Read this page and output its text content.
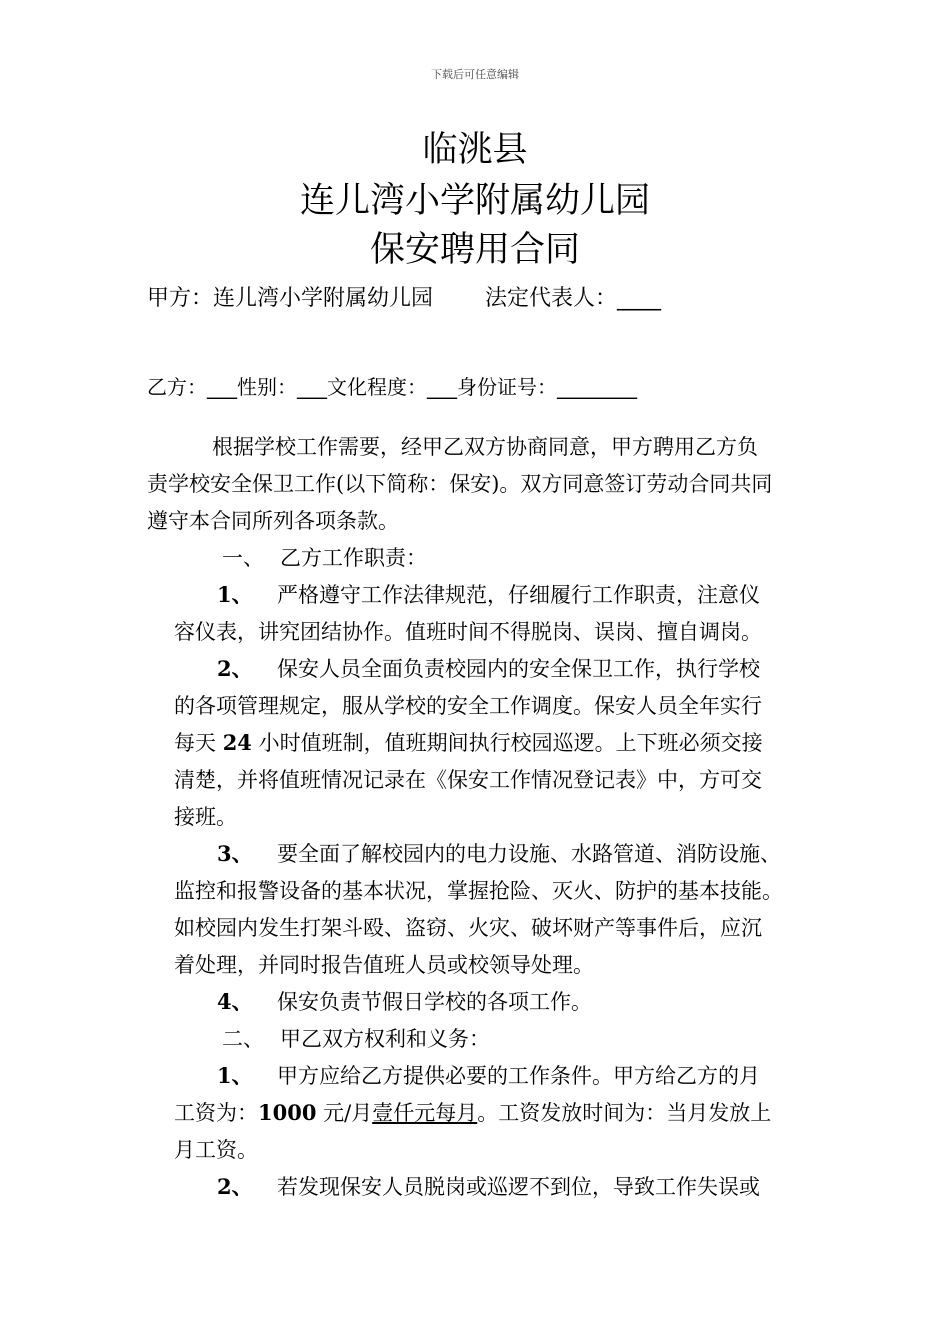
下载后可任意编辑
临洮县
连儿湾小学附属幼儿园
保安聘用合同
甲方：连儿湾小学附属幼儿园 法定代表人：____
乙方：___性别：___文化程度：___身份证号：________
根据学校工作需要，经甲乙双方协商同意，甲方聘用乙方负
责学校安全保卫工作(以下简称：保安)。双方同意签订劳动合同共同
遵守本合同所列各项条款。
一、 乙方工作职责：
1、 严格遵守工作法律规范，仔细履行工作职责，注意仪
容仪表，讲究团结协作。值班时间不得脱岗、误岗、擅自调岗。
2、 保安人员全面负责校园内的安全保卫工作，执行学校
的各项管理规定，服从学校的安全工作调度。保安人员全年实行
每天 24 小时值班制，值班期间执行校园巡逻。上下班必须交接
清楚，并将值班情况记录在《保安工作情况登记表》中，方可交
接班。
3、 要全面了解校园内的电力设施、水路管道、消防设施、
监控和报警设备的基本状况，掌握抢险、灭火、防护的基本技能。
如校园内发生打架斗殴、盗窃、火灾、破坏财产等事件后，应沉
着处理，并同时报告值班人员或校领导处理。
4、 保安负责节假日学校的各项工作。
二、 甲乙双方权利和义务：
1、 甲方应给乙方提供必要的工作条件。甲方给乙方的月
工资为：1000 元/月壹仟元每月。工资发放时间为：当月发放上
月工资。
2、 若发现保安人员脱岗或巡逻不到位，导致工作失误或
